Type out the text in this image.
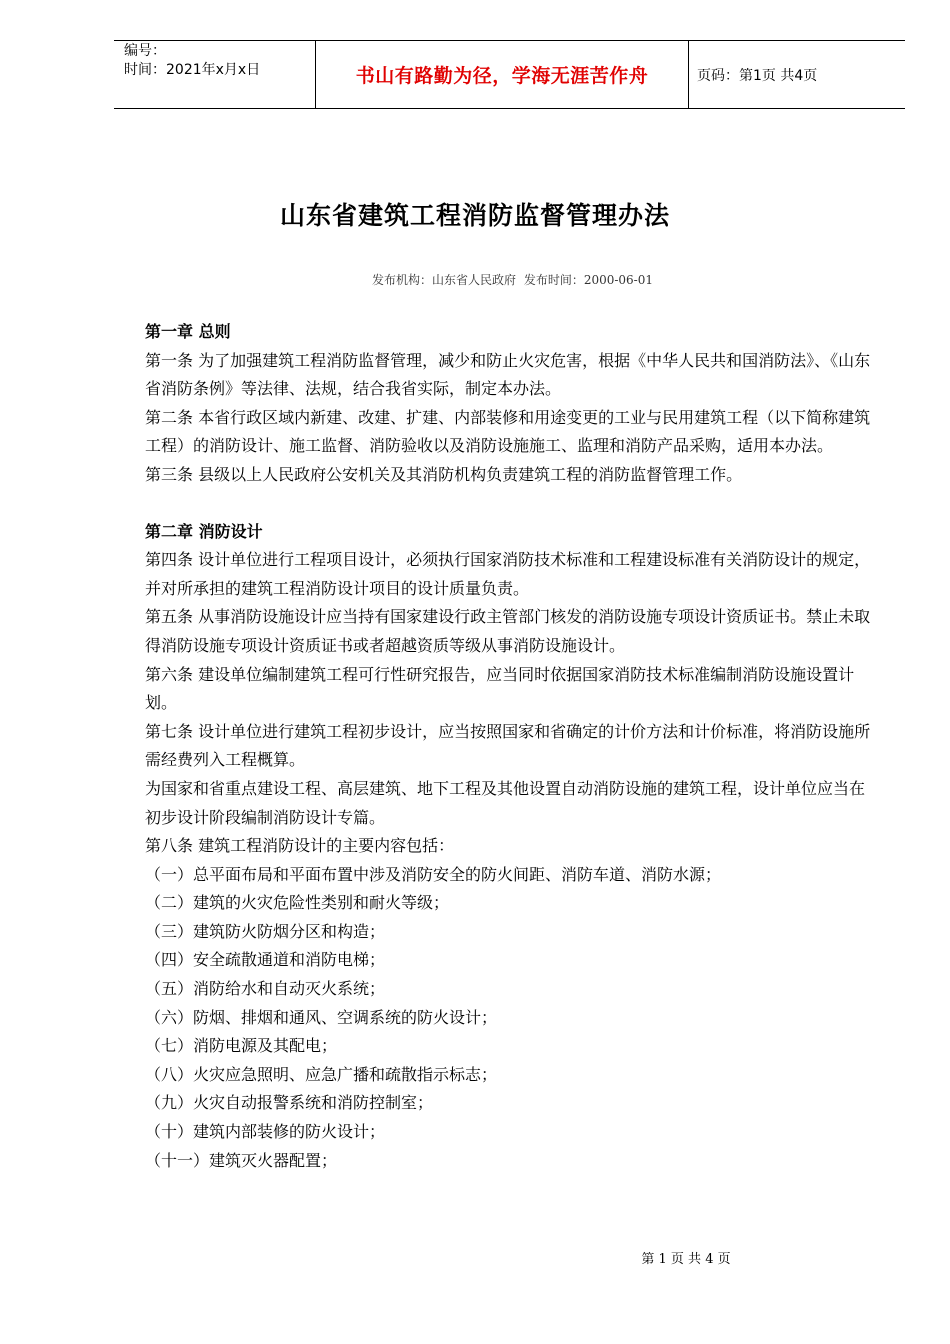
编号：
时间：2021年x月x日	书山有路勤为径，学海无涯苦作舟	页码：第1页 共4页
山东省建筑工程消防监督管理办法
发布机构：山东省人民政府 发布时间：2000-06-01

第一章 总则

第一条 为了加强建筑工程消防监督管理，减少和防止火灾危害，根据《中华人民共和国消防法》、《山东省消防条例》等法律、法规，结合我省实际，制定本办法。

第二条 本省行政区域内新建、改建、扩建、内部装修和用途变更的工业与民用建筑工程（以下简称建筑工程）的消防设计、施工监督、消防验收以及消防设施施工、监理和消防产品采购，适用本办法。

第三条 县级以上人民政府公安机关及其消防机构负责建筑工程的消防监督管理工作。

第二章 消防设计

第四条 设计单位进行工程项目设计，必须执行国家消防技术标准和工程建设标准有关消防设计的规定，并对所承担的建筑工程消防设计项目的设计质量负责。

第五条 从事消防设施设计应当持有国家建设行政主管部门核发的消防设施专项设计资质证书。禁止未取得消防设施专项设计资质证书或者超越资质等级从事消防设施设计。

第六条 建设单位编制建筑工程可行性研究报告，应当同时依据国家消防技术标准编制消防设施设置计划。

第七条 设计单位进行建筑工程初步设计，应当按照国家和省确定的计价方法和计价标准，将消防设施所需经费列入工程概算。

为国家和省重点建设工程、高层建筑、地下工程及其他设置自动消防设施的建筑工程，设计单位应当在初步设计阶段编制消防设计专篇。

第八条 建筑工程消防设计的主要内容包括：

（一）总平面布局和平面布置中涉及消防安全的防火间距、消防车道、消防水源；

（二）建筑的火灾危险性类别和耐火等级；

（三）建筑防火防烟分区和构造；

（四）安全疏散通道和消防电梯；

（五）消防给水和自动灭火系统；

（六）防烟、排烟和通风、空调系统的防火设计；

（七）消防电源及其配电；

（八）火灾应急照明、应急广播和疏散指示标志；

（九）火灾自动报警系统和消防控制室；

（十）建筑内部装修的防火设计；

（十一）建筑灭火器配置；

第 1 页 共 4 页
